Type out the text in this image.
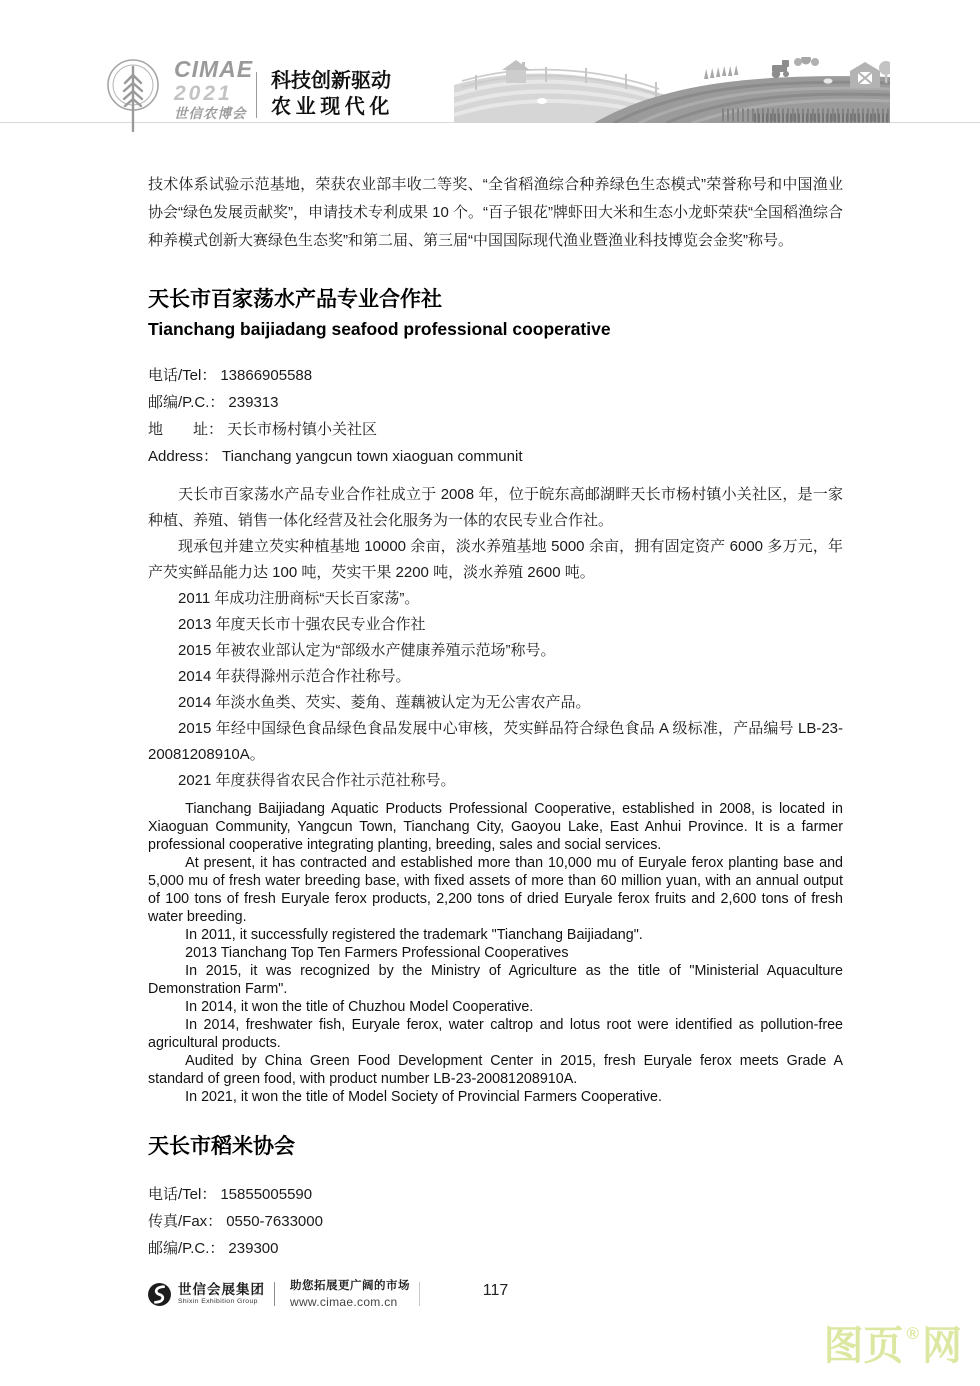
CIMAE
2021
世信农博会
科技创新驱动
农业现代化

技术体系试验示范基地，荣获农业部丰收二等奖、“全省稻渔综合种养绿色生态模式”荣誉称号和中国渔业协会“绿色发展贡献奖”，申请技术专利成果 10 个。“百子银花”牌虾田大米和生态小龙虾荣获“全国稻渔综合种养模式创新大赛绿色生态奖”和第二届、第三届“中国国际现代渔业暨渔业科技博览会金奖”称号。

天长市百家荡水产品专业合作社
Tianchang baijiadang seafood professional cooperative
电话/Tel： 13866905588
邮编/P.C.： 239313
地　　址： 天长市杨村镇小关社区
Address： Tianchang yangcun town xiaoguan communit

天长市百家荡水产品专业合作社成立于 2008 年，位于皖东高邮湖畔天长市杨村镇小关社区，是一家种植、养殖、销售一体化经营及社会化服务为一体的农民专业合作社。

现承包并建立芡实种植基地 10000 余亩，淡水养殖基地 5000 余亩，拥有固定资产 6000 多万元，年产芡实鲜品能力达 100 吨，芡实干果 2200 吨，淡水养殖 2600 吨。

2011 年成功注册商标“天长百家荡”。

2013 年度天长市十强农民专业合作社

2015 年被农业部认定为“部级水产健康养殖示范场”称号。

2014 年获得滁州示范合作社称号。

2014 年淡水鱼类、芡实、菱角、莲藕被认定为无公害农产品。

2015 年经中国绿色食品绿色食品发展中心审核，芡实鲜品符合绿色食品 A 级标准，产品编号 LB-23-20081208910A。

2021 年度获得省农民合作社示范社称号。

Tianchang Baijiadang Aquatic Products Professional Cooperative, established in 2008, is located in Xiaoguan Community, Yangcun Town, Tianchang City, Gaoyou Lake, East Anhui Province. It is a farmer professional cooperative integrating planting, breeding, sales and social services.

At present, it has contracted and established more than 10,000 mu of Euryale ferox planting base and 5,000 mu of fresh water breeding base, with fixed assets of more than 60 million yuan, with an annual output of 100 tons of fresh Euryale ferox products, 2,200 tons of dried Euryale ferox fruits and 2,600 tons of fresh water breeding.

In 2011, it successfully registered the trademark "Tianchang Baijiadang".

2013 Tianchang Top Ten Farmers Professional Cooperatives

In 2015, it was recognized by the Ministry of Agriculture as the title of "Ministerial Aquaculture Demonstration Farm".

In 2014, it won the title of Chuzhou Model Cooperative.

In 2014, freshwater fish, Euryale ferox, water caltrop and lotus root were identified as pollution-free agricultural products.

Audited by China Green Food Development Center in 2015, fresh Euryale ferox meets Grade A standard of green food, with product number LB-23-20081208910A.

In 2021, it won the title of Model Society of Provincial Farmers Cooperative.

天长市稻米协会
电话/Tel： 15855005590
传真/Fax： 0550-7633000
邮编/P.C.： 239300
世信会展集团
Shixin Exhibition Group
助您拓展更广阔的市场
www.cimae.com.cn
117
图页 ®网
